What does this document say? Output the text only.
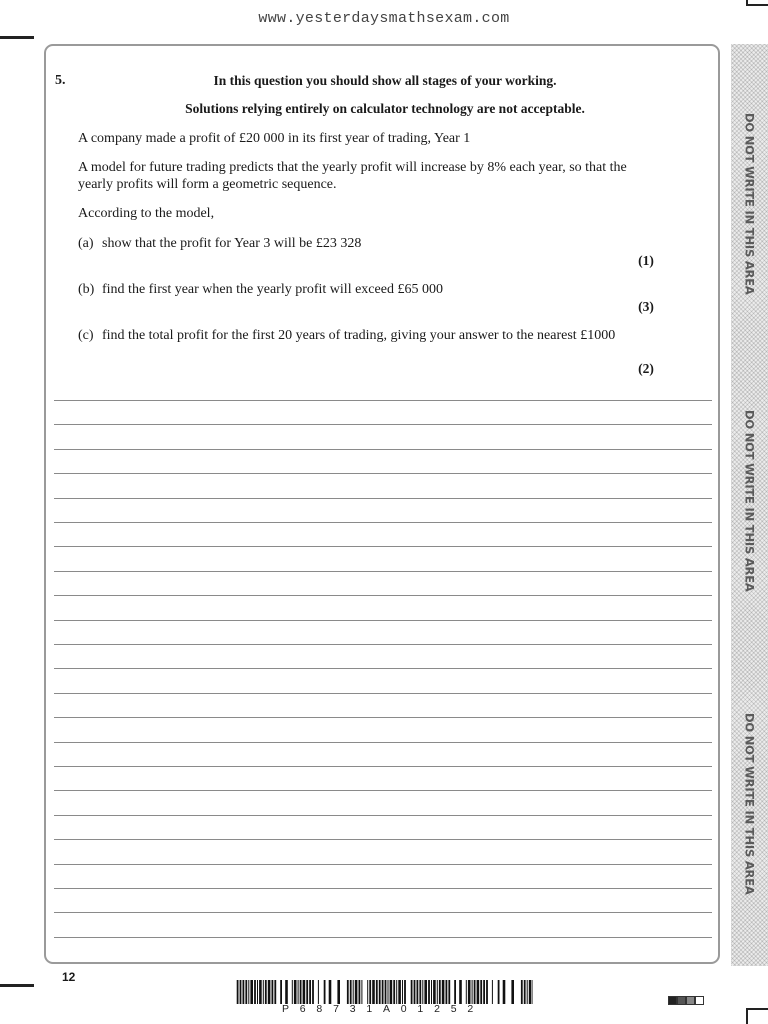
www.yesterdaysmathsexam.com
5.	In this question you should show all stages of your working.
Solutions relying entirely on calculator technology are not acceptable.
A company made a profit of £20 000 in its first year of trading, Year 1
A model for future trading predicts that the yearly profit will increase by 8% each year, so that the yearly profits will form a geometric sequence.
According to the model,
(a) show that the profit for Year 3 will be £23 328
(1)
(b) find the first year when the yearly profit will exceed £65 000
(3)
(c) find the total profit for the first 20 years of trading, giving your answer to the nearest £1000
(2)
DO NOT WRITE IN THIS AREA
DO NOT WRITE IN THIS AREA
DO NOT WRITE IN THIS AREA
12
P68731A01252
